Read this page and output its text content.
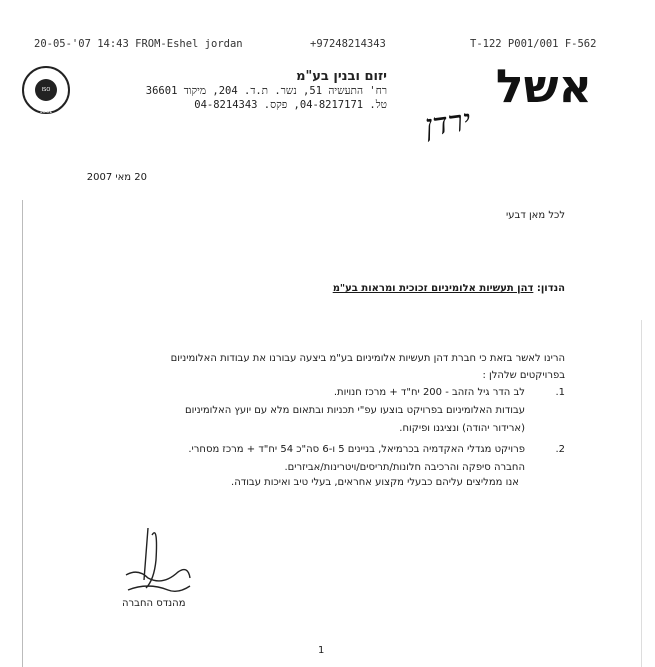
20-05-'07 14:43 FROM-Eshel jordan	+97248214343	T-122 P001/001 F-562
ISO 9001
יזום ובנין בע"מ
רח' התעשיה 51, נשר. ת.ד. 204, מיקוד 36601
טל. 04-8217171, פקס. 04-8214343	אשל
ירדן
20 מאי 2007
לכל מאן דבעי
הנדון: דהן תעשיות אלומיניום זכוכית ומראות בע"מ
הרינו לאשר בזאת כי חברת דהן תעשיות אלומיניום בע"מ ביצעה עבורנו את עבודות האלומיניום
בפרויקטים שלהלן :
1.
לב הדר גיל הזהב - 200 יח"ד + מרכז חנויות.
עבודות האלומיניום בפרויקט בוצעו עפ"י תכניות ובתאום מלא עם יועץ האלומיניום
(ארידור יהודה) ונציגנו ופיקוח.
2.
פרויקט מגדלי האקדמיה בכרמיאל, בניינים 5 ו-6 סה"כ 54 יח"ד + מרכז מסחרי.
החברה סיפקה והרכיבה חלונות/תריסים/ויטרינות/אביזרים.
אנו ממליצים עליהם כבעלי מקצוע אחראים, בעלי טיב ואיכות עבודה.
מהנדס החברה
1
